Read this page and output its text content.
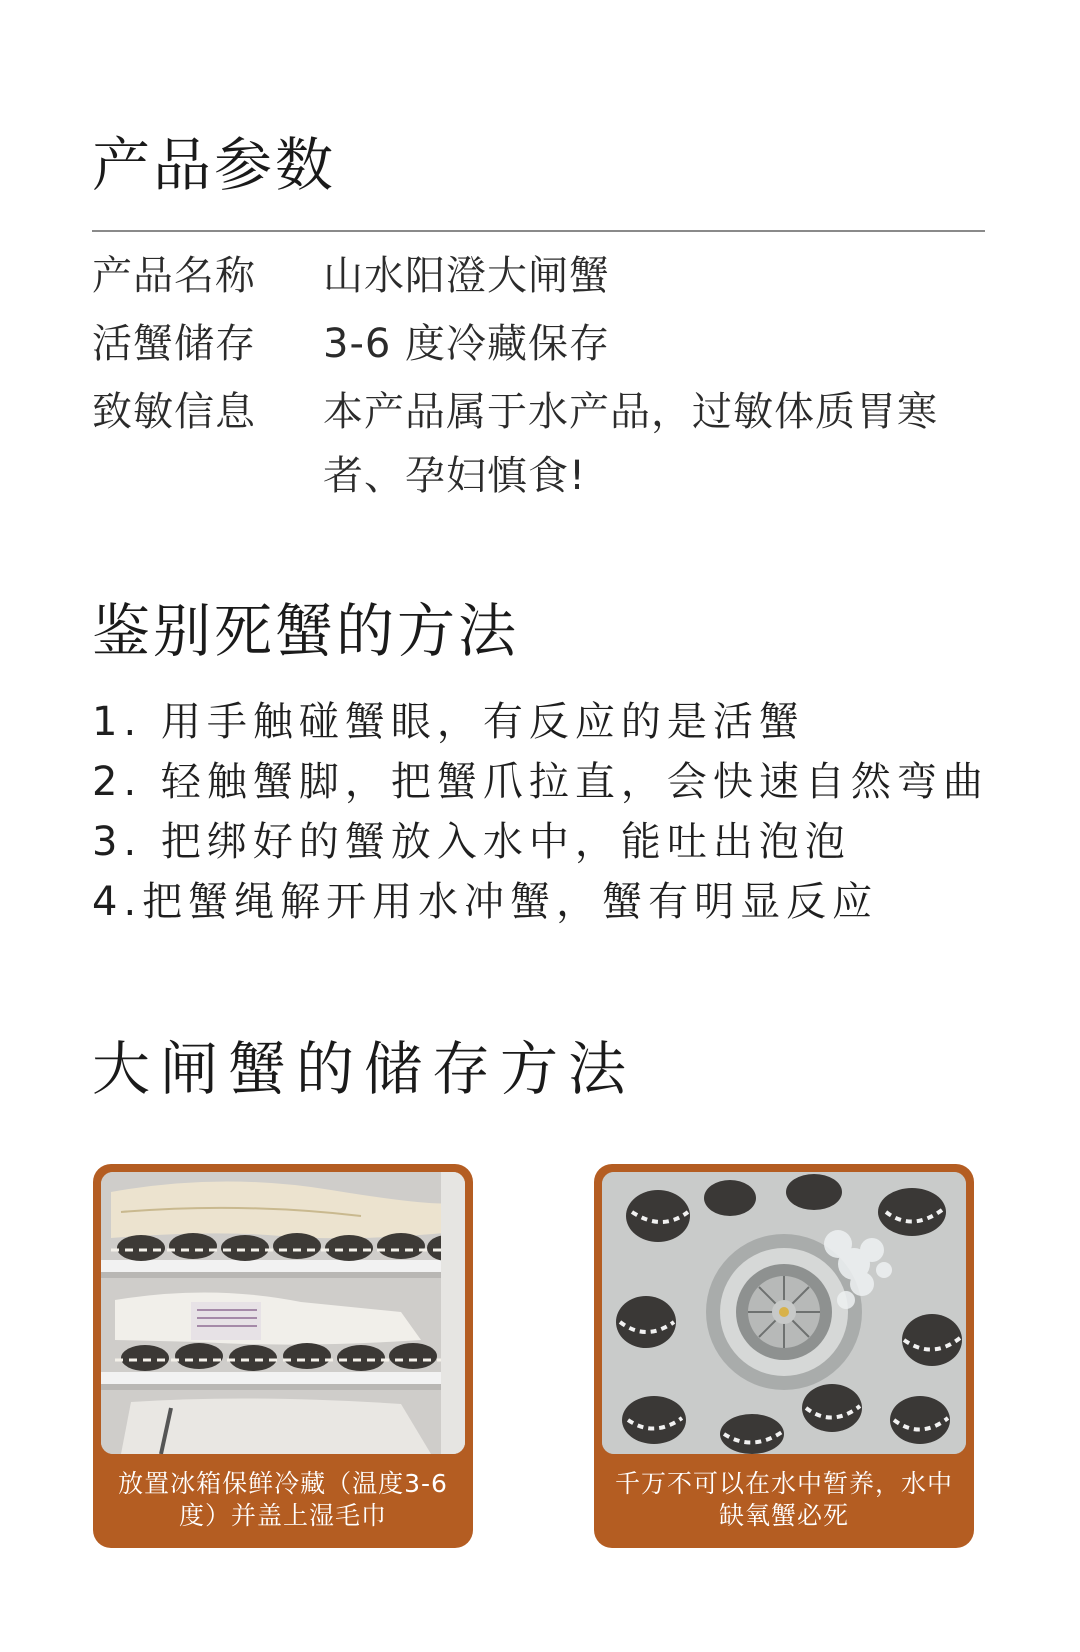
产品参数
产品名称 山水阳澄大闸蟹
活蟹储存 3-6 度冷藏保存
致敏信息 本产品属于水产品，过敏体质胃寒者、孕妇慎食!
鉴别死蟹的方法
1. 用手触碰蟹眼，有反应的是活蟹
2. 轻触蟹脚，把蟹爪拉直，会快速自然弯曲
3. 把绑好的蟹放入水中，能吐出泡泡
4.把蟹绳解开用水冲蟹，蟹有明显反应
大闸蟹的储存方法
放置冰箱保鲜冷藏（温度3-6度）并盖上湿毛巾
千万不可以在水中暂养，水中缺氧蟹必死
